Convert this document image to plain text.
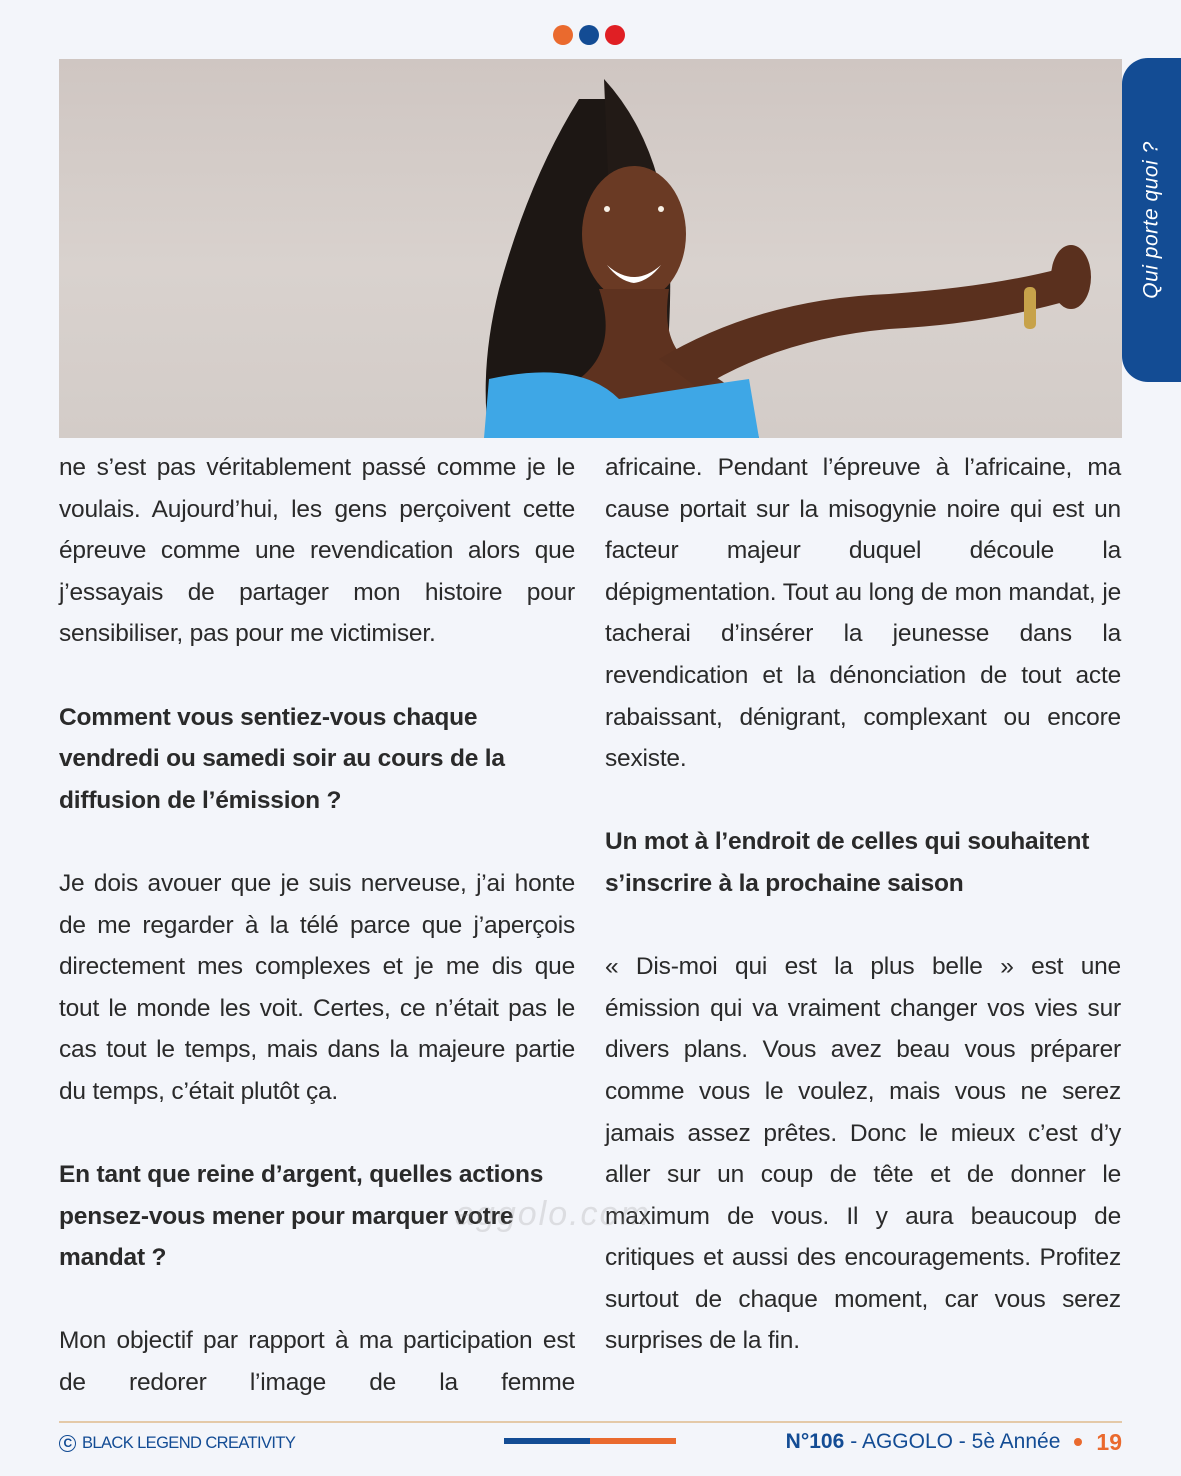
Qui porte quoi ?

ne s’est pas véritablement passé comme je le voulais. Aujourd’hui, les gens perçoivent cette épreuve comme une revendication alors que j’essayais de partager mon histoire pour sensibiliser, pas pour me victimiser.

Comment vous sentiez-vous chaque vendredi ou samedi soir au cours de la diffusion de l’émission ?

Je dois avouer que je suis nerveuse, j’ai honte de me regarder à la télé parce que j’aperçois directement mes complexes et je me dis que tout le monde les voit. Certes, ce n’était pas le cas tout le temps, mais dans la majeure partie du temps, c’était plutôt ça.

En tant que reine d’argent, quelles actions pensez-vous mener pour marquer votre mandat ?

Mon objectif par rapport à ma participation est de redorer l’image de la femme

africaine. Pendant l’épreuve à l’africaine, ma cause portait sur la misogynie noire qui est un facteur majeur duquel découle la dépigmentation. Tout au long de mon mandat, je tacherai d’insérer la jeunesse dans la revendication et la dénonciation de tout acte rabaissant, dénigrant, complexant ou encore sexiste.

Un mot à l’endroit de celles qui souhaitent s’inscrire à la prochaine saison

« Dis-moi qui est la plus belle » est une émission qui va vraiment changer vos vies sur divers plans. Vous avez beau vous préparer comme vous le voulez, mais vous ne serez jamais assez prêtes. Donc le mieux c’est d’y aller sur un coup de tête et de donner le maximum de vous. Il y aura beaucoup de critiques et aussi des encouragements. Profitez surtout de chaque moment, car vous serez surprises de la fin.

aggolo.com
C BLACK LEGEND CREATIVITY	N°106 - AGGOLO - 5è Année 19
